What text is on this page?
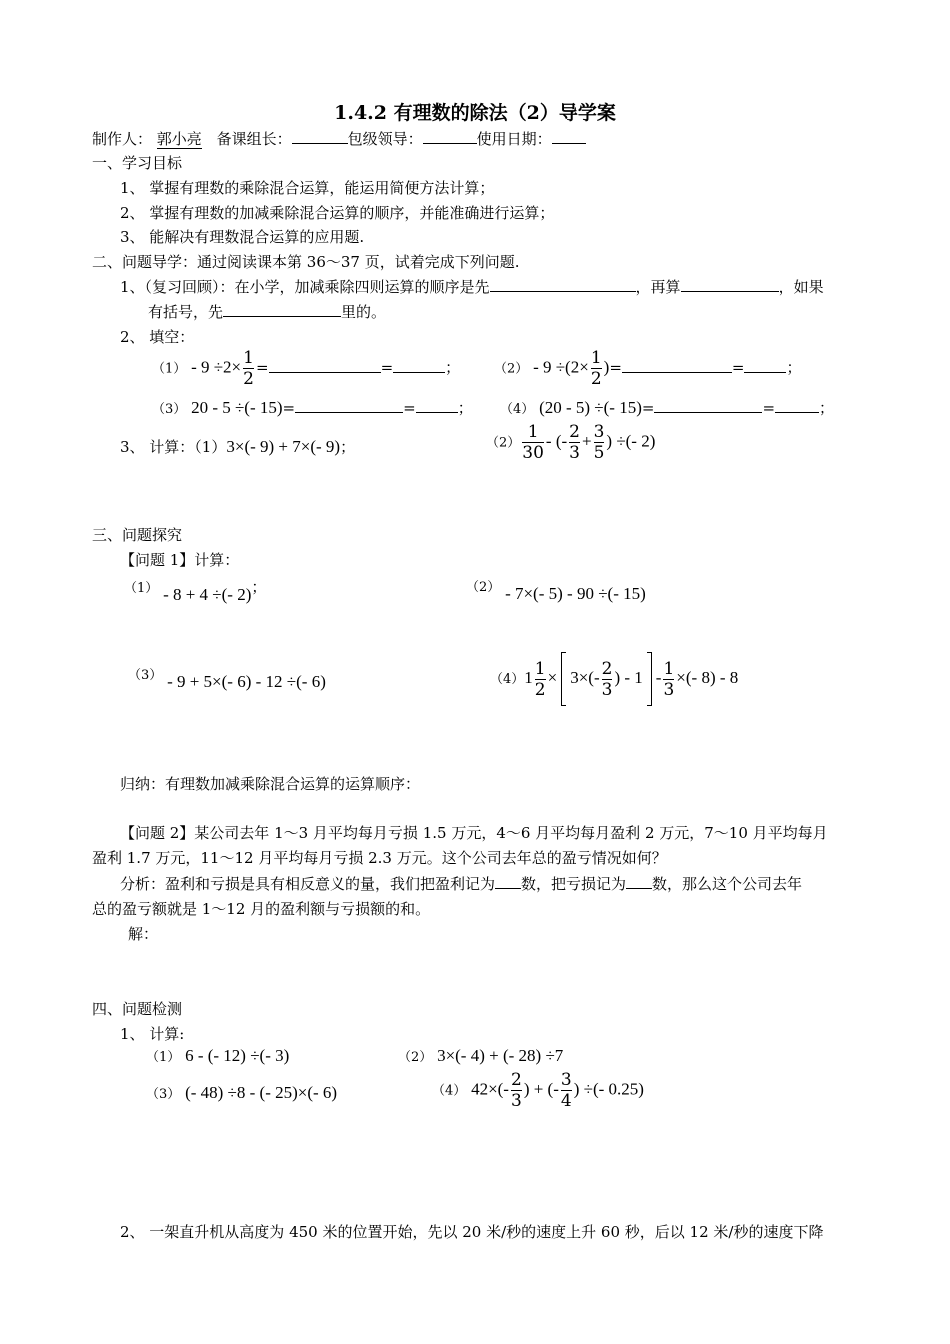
1.4.2 有理数的除法（2）导学案
制作人： 郭小亮 备课组长：	包级领导：	使用日期：
一、学习目标
1、 掌握有理数的乘除混合运算，能运用简便方法计算；
2、 掌握有理数的加减乘除混合运算的顺序，并能准确进行运算；
3、 能解决有理数混合运算的应用题.
二、问题导学：通过阅读课本第 36～37 页，试着完成下列问题.
1、（复习回顾）：在小学，加减乘除四则运算的顺序是先	，再算	，如果
有括号，先	里的。
2、 填空：
$(1) - 9 \div 2\times \frac{1}{2}$ =	=	；	$(2) - 9 \div(2\times \frac{1}{2}$ )=	=	；
（3） 20 - 5 ÷(- 15)=	=	； （4） (20 - 5) ÷(- 15)=	=	；
3、 计算：（1）3×(- 9) + 7×(- 9)；	$(2) \frac{1}{30}$ - (- $\frac{2}{3} + \frac{3}{5}$ ) ÷(- 2)
三、问题探究
【问题 1】计算：
（1） - 8 + 4 ÷(- 2)；	（2） - 7×(- 5) - 90 ÷(- 15)
（3） - 9 + 5×(- 6) - 12 ÷(- 6)	$(4)1 \frac{1}{2} \times 3\times(- \frac{2}{3}$ ) - $1 - \frac{1}{3}$ ×(- 8) - 8
归纳：有理数加减乘除混合运算的运算顺序：
【问题 2】某公司去年 1～3 月平均每月亏损 1.5 万元，4～6 月平均每月盈利 2 万元，7～10 月平均每月
盈利 1.7 万元，11～12 月平均每月亏损 2.3 万元。这个公司去年总的盈亏情况如何？
分析：盈利和亏损是具有相反意义的量，我们把盈利记为 数，把亏损记为 数，那么这个公司去年
总的盈亏额就是 1～12 月的盈利额与亏损额的和。
解：
四、问题检测
1、 计算:
（1） 6 - (- 12) ÷(- 3)	（2） 3×(- 4) + (- 28) ÷7
（3） (- 48) ÷8 - (- 25)×(- 6)	（4） $42\times(- \frac{2}{3}$ ) + (- $\frac{3}{4}$ ) ÷(- 0.25)
2、 一架直升机从高度为 450 米的位置开始，先以 20 米/秒的速度上升 60 秒，后以 12 米/秒的速度下降
